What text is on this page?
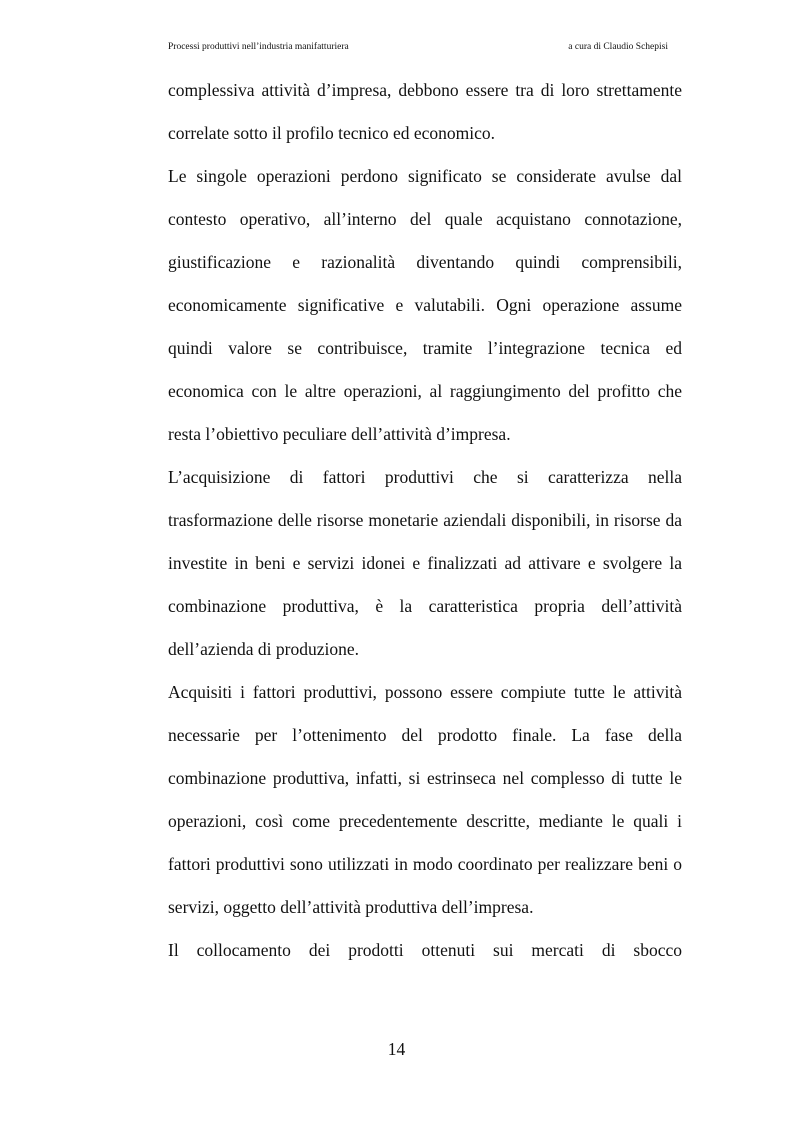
Processi produttivi nell’industria manifatturiera	a cura di Claudio Schepisi

complessiva attività d’impresa, debbono essere tra di loro strettamente correlate sotto il profilo tecnico ed economico.

Le singole operazioni perdono significato se considerate avulse dal contesto operativo, all’interno del quale acquistano connotazione, giustificazione e razionalità diventando quindi comprensibili, economicamente significative e valutabili. Ogni operazione assume quindi valore se contribuisce, tramite l’integrazione tecnica ed economica con le altre operazioni, al raggiungimento del profitto che resta l’obiettivo peculiare dell’attività d’impresa.

L’acquisizione di fattori produttivi che si caratterizza nella trasformazione delle risorse monetarie aziendali disponibili, in risorse da investite in beni e servizi idonei e finalizzati ad attivare e svolgere la combinazione produttiva, è la caratteristica propria dell’attività dell’azienda di produzione.

Acquisiti i fattori produttivi, possono essere compiute tutte le attività necessarie per l’ottenimento del prodotto finale. La fase della combinazione produttiva, infatti, si estrinseca nel complesso di tutte le operazioni, così come precedentemente descritte, mediante le quali i fattori produttivi sono utilizzati in modo coordinato per realizzare beni o servizi, oggetto dell’attività produttiva dell’impresa.

Il collocamento dei prodotti ottenuti sui mercati di sbocco

14
